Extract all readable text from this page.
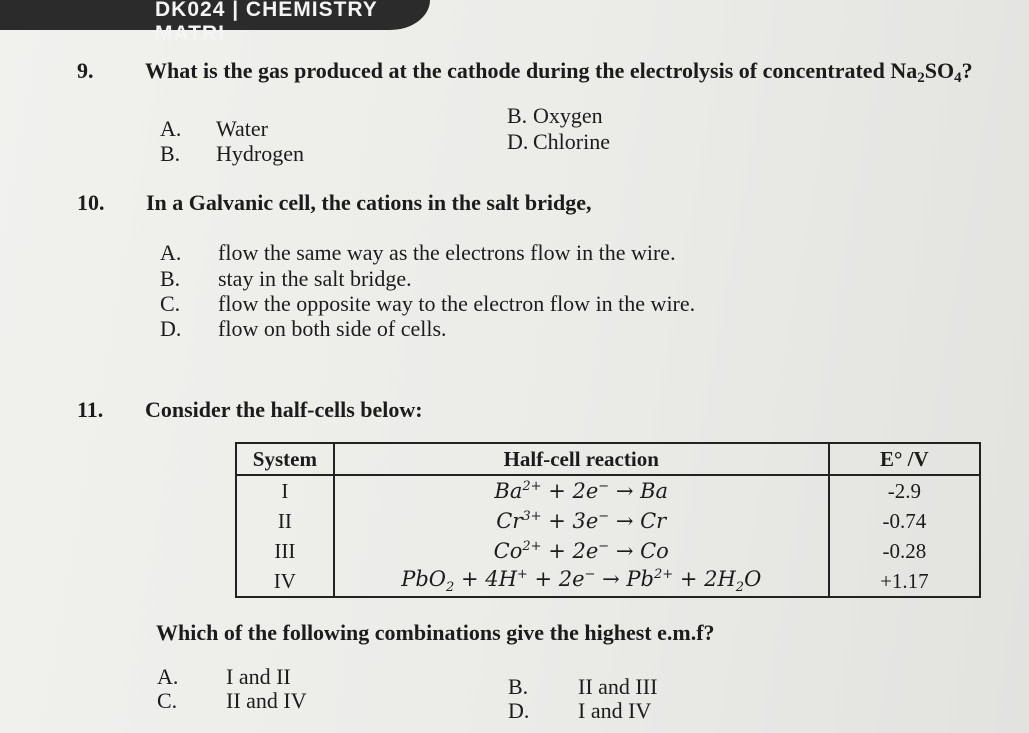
DK024 | CHEMISTRY MATRI
9. What is the gas produced at the cathode during the electrolysis of concentrated $Na_2SO_4$?
A. Water
B. Hydrogen
B. Oxygen
D. Chlorine
10. In a Galvanic cell, the cations in the salt bridge,
A. flow the same way as the electrons flow in the wire.
B. stay in the salt bridge.
C. flow the opposite way to the electron flow in the wire.
D. flow on both side of cells.
11. Consider the half-cells below:
System	Half-cell reaction	E° /V
I	$Ba^{2+} + 2e^- \to Ba$	-2.9
II	$Cr^{3+} + 3e^- \to Cr$	-0.74
III	$Co^{2+} + 2e^- \to Co$	-0.28
IV	$PbO_2 + 4H^+ + 2e^- \to Pb^{2+} + 2H_2O$	+1.17
Which of the following combinations give the highest e.m.f?
A. I and II	B. II and III
C. II and IV	D. I and IV
